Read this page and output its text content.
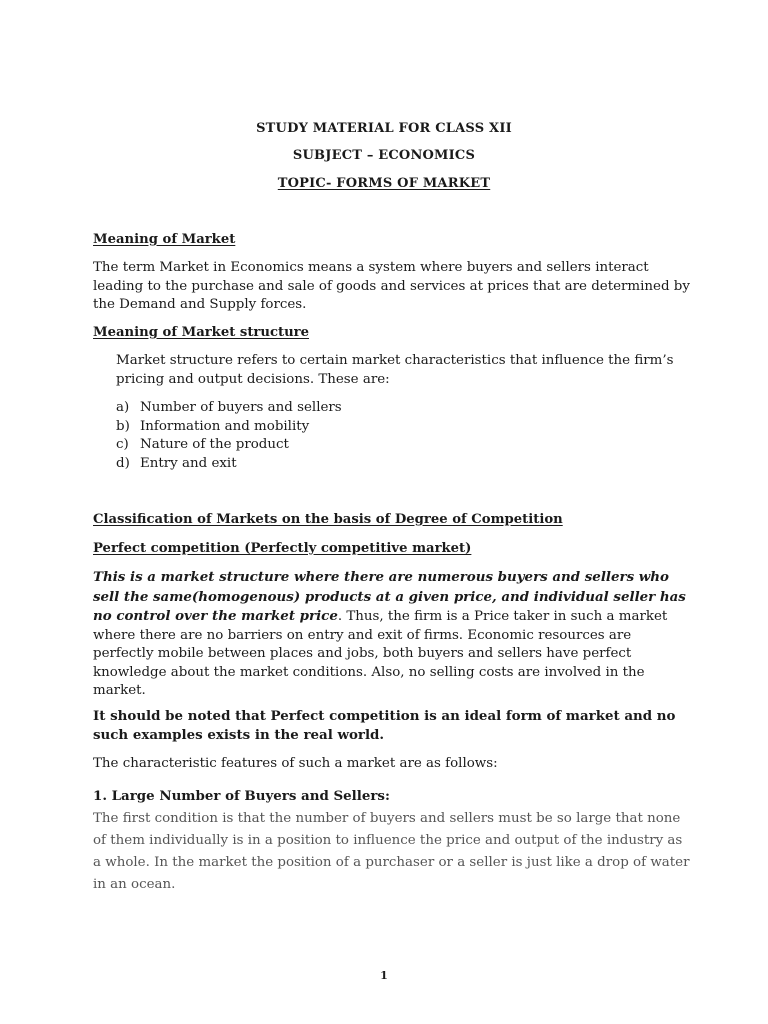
STUDY MATERIAL FOR CLASS XII

SUBJECT – ECONOMICS

TOPIC- FORMS OF MARKET

Meaning of Market

The term Market in Economics means a system where buyers and sellers interact leading to the purchase and sale of goods and services at prices that are determined by the Demand and Supply forces.

Meaning of Market structure

Market structure refers to certain market characteristics that influence the firm’s pricing and output decisions. These are:

a) Number of buyers and sellers
b) Information and mobility
c) Nature of the product
d) Entry and exit

Classification of Markets on the basis of Degree of Competition

Perfect competition (Perfectly competitive market)

This is a market structure where there are numerous buyers and sellers who sell the same(homogenous) products at a given price, and individual seller has no control over the market price. Thus, the firm is a Price taker in such a market where there are no barriers on entry and exit of firms. Economic resources are perfectly mobile between places and jobs, both buyers and sellers have perfect knowledge about the market conditions. Also, no selling costs are involved in the market.

It should be noted that Perfect competition is an ideal form of market and no such examples exists in the real world.

The characteristic features of such a market are as follows:

1. Large Number of Buyers and Sellers:

The first condition is that the number of buyers and sellers must be so large that none of them individually is in a position to influence the price and output of the industry as a whole. In the market the position of a purchaser or a seller is just like a drop of water in an ocean.

1
